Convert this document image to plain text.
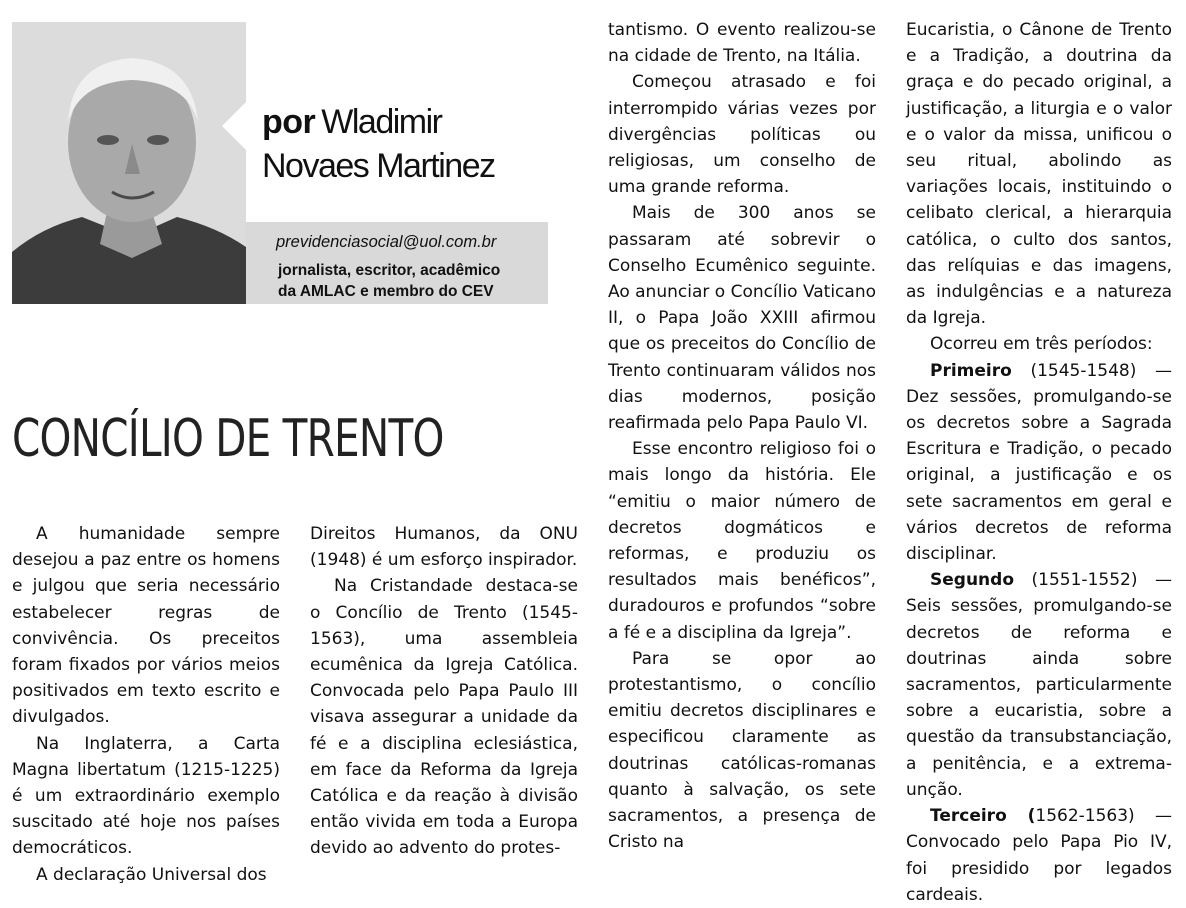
por Wladimir
Novaes Martinez
previdenciasocial@uol.com.br
jornalista, escritor, acadêmico
da AMLAC e membro do CEV
CONCÍLIO DE TRENTO

A humanidade sempre desejou a paz entre os homens e julgou que seria necessário estabelecer regras de convivência. Os preceitos foram fixados por vários meios positivados em texto escrito e divulgados.

Na Inglaterra, a Carta Magna libertatum (1215-1225) é um extraordinário exemplo suscitado até hoje nos países democráticos.

A declaração Universal dos

Direitos Humanos, da ONU (1948) é um esforço inspirador.

Na Cristandade destaca-se o Concílio de Trento (1545-1563), uma assembleia ecumênica da Igreja Católica. Convocada pelo Papa Paulo III visava assegurar a unidade da fé e a disciplina eclesiástica, em face da Reforma da Igreja Católica e da reação à divisão então vivida em toda a Europa devido ao advento do protes-

tantismo. O evento realizou-se na cidade de Trento, na Itália.

Começou atrasado e foi interrompido várias vezes por divergências políticas ou religiosas, um conselho de uma grande reforma.

Mais de 300 anos se passaram até sobrevir o Conselho Ecumênico seguinte. Ao anunciar o Concílio Vaticano II, o Papa João XXIII afirmou que os preceitos do Concílio de Trento continuaram válidos nos dias modernos, posição reafirmada pelo Papa Paulo VI.

Esse encontro religioso foi o mais longo da história. Ele “emitiu o maior número de decretos dogmáticos e reformas, e produziu os resultados mais benéficos”, duradouros e profundos “sobre a fé e a disciplina da Igreja”.

Para se opor ao protestantismo, o concílio emitiu decretos disciplinares e especificou claramente as doutrinas católicas-romanas quanto à salvação, os sete sacramentos, a presença de Cristo na

Eucaristia, o Cânone de Trento e a Tradição, a doutrina da graça e do pecado original, a justificação, a liturgia e o valor e o valor da missa, unificou o seu ritual, abolindo as variações locais, instituindo o celibato clerical, a hierarquia católica, o culto dos santos, das relíquias e das imagens, as indulgências e a natureza da Igreja.

Ocorreu em três períodos:

Primeiro (1545-1548) — Dez sessões, promulgando-se os decretos sobre a Sagrada Escritura e Tradição, o pecado original, a justificação e os sete sacramentos em geral e vários decretos de reforma disciplinar.

Segundo (1551-1552) — Seis sessões, promulgando-se decretos de reforma e doutrinas ainda sobre sacramentos, particularmente sobre a eucaristia, sobre a questão da transubstanciação, a penitência, e a extrema-unção.

Terceiro (1562-1563) — Convocado pelo Papa Pio IV, foi presidido por legados cardeais.
